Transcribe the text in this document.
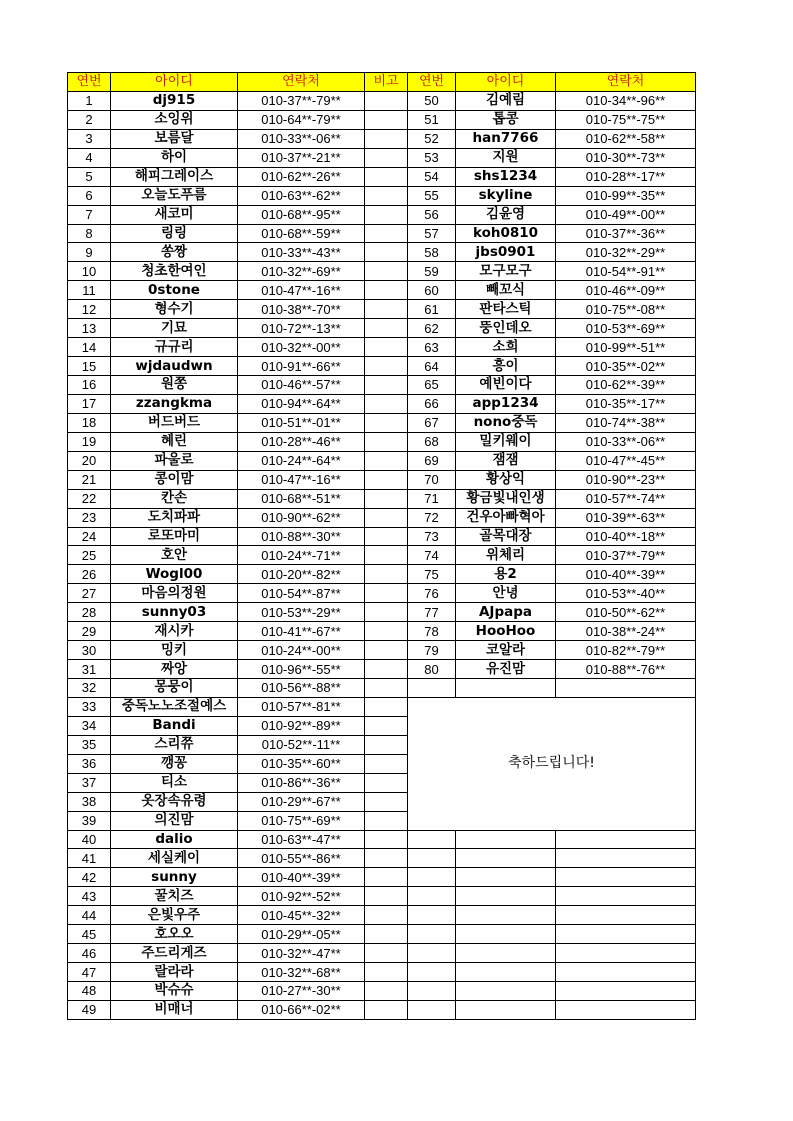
연번	아이디	연락처	비고	연번	아이디	연락처
1	dj915	010-37**-79**		50	김예림	010-34**-96**
2	소잉위	010-64**-79**		51	톱콩	010-75**-75**
3	보름달	010-33**-06**		52	han7766	010-62**-58**
4	하이	010-37**-21**		53	지원	010-30**-73**
5	해피그레이스	010-62**-26**		54	shs1234	010-28**-17**
6	오늘도푸름	010-63**-62**		55	skyline	010-99**-35**
7	새코미	010-68**-95**		56	김윤영	010-49**-00**
8	링링	010-68**-59**		57	koh0810	010-37**-36**
9	쏭짱	010-33**-43**		58	jbs0901	010-32**-29**
10	청초한여인	010-32**-69**		59	모구모구	010-54**-91**
11	0stone	010-47**-16**		60	빼꼬식	010-46**-09**
12	형수기	010-38**-70**		61	판타스틱	010-75**-08**
13	기묘	010-72**-13**		62	뚱인데오	010-53**-69**
14	규규리	010-32**-00**		63	소희	010-99**-51**
15	wjdaudwn	010-91**-66**		64	흥이	010-35**-02**
16	원쫑	010-46**-57**		65	예빈이다	010-62**-39**
17	zzangkma	010-94**-64**		66	app1234	010-35**-17**
18	버드버드	010-51**-01**		67	nono중독	010-74**-38**
19	혜린	010-28**-46**		68	밀키웨이	010-33**-06**
20	파울로	010-24**-64**		69	잼잼	010-47**-45**
21	콩이맘	010-47**-16**		70	황상익	010-90**-23**
22	칸손	010-68**-51**		71	황금빛내인생	010-57**-74**
23	도치파파	010-90**-62**		72	건우아빠혁아	010-39**-63**
24	로또마미	010-88**-30**		73	골목대장	010-40**-18**
25	호안	010-24**-71**		74	위체리	010-37**-79**
26	Wogl00	010-20**-82**		75	용2	010-40**-39**
27	마음의정원	010-54**-87**		76	안녕	010-53**-40**
28	sunny03	010-53**-29**		77	AJpapa	010-50**-62**
29	재시카	010-41**-67**		78	HooHoo	010-38**-24**
30	밍키	010-24**-00**		79	코알라	010-82**-79**
31	짜앙	010-96**-55**		80	유진맘	010-88**-76**
32	몽뭉이	010-56**-88**				
33	중독노노조절예스	010-57**-81**		축하드립니다!		
34	Bandi	010-92**-89**				
35	스리쮸	010-52**-11**				
36	깽꽁	010-35**-60**				
37	티소	010-86**-36**				
38	옷장속유령	010-29**-67**				
39	의진맘	010-75**-69**				
40	dalio	010-63**-47**				
41	세실케이	010-55**-86**				
42	sunny	010-40**-39**				
43	꿀치즈	010-92**-52**				
44	은빛우주	010-45**-32**				
45	호오오	010-29**-05**				
46	주드리게즈	010-32**-47**				
47	랄라라	010-32**-68**				
48	박슈슈	010-27**-30**				
49	비매너	010-66**-02**				
